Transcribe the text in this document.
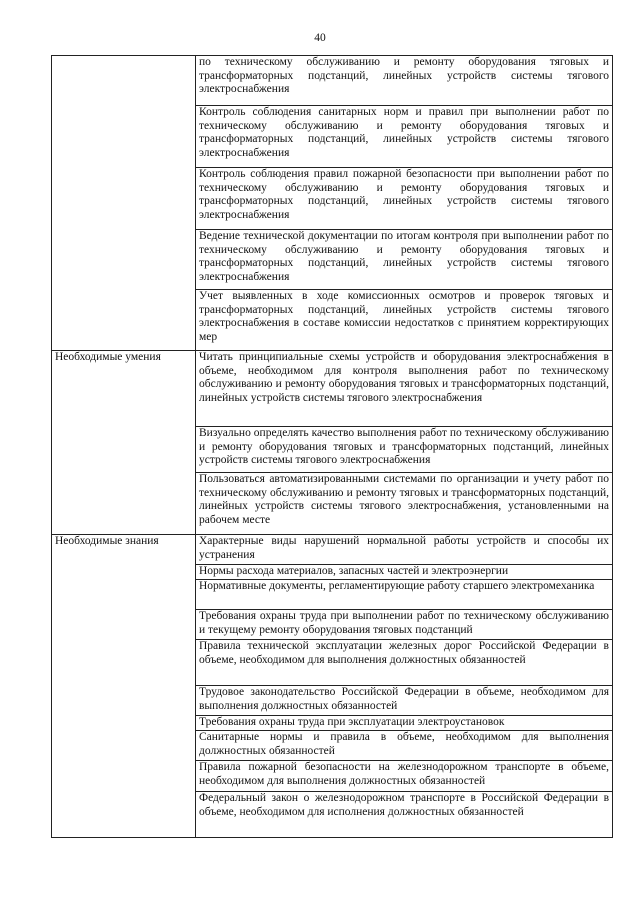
40
	по техническому обслуживанию и ремонту оборудования тяговых и трансформаторных подстанций, линейных устройств системы тягового электроснабжения
	Контроль соблюдения санитарных норм и правил при выполнении работ по техническому обслуживанию и ремонту оборудования тяговых и трансформаторных подстанций, линейных устройств системы тягового электроснабжения
	Контроль соблюдения правил пожарной безопасности при выполнении работ по техническому обслуживанию и ремонту оборудования тяговых и трансформаторных подстанций, линейных устройств системы тягового электроснабжения
	Ведение технической документации по итогам контроля при выполнении работ по техническому обслуживанию и ремонту оборудования тяговых и трансформаторных подстанций, линейных устройств системы тягового электроснабжения
	Учет выявленных в ходе комиссионных осмотров и проверок тяговых и трансформаторных подстанций, линейных устройств системы тягового электроснабжения в составе комиссии недостатков с принятием корректирующих мер
Необходимые умения	Читать принципиальные схемы устройств и оборудования электроснабжения в объеме, необходимом для контроля выполнения работ по техническому обслуживанию и ремонту оборудования тяговых и трансформаторных подстанций, линейных устройств системы тягового электроснабжения
	Визуально определять качество выполнения работ по техническому обслуживанию и ремонту оборудования тяговых и трансформаторных подстанций, линейных устройств системы тягового электроснабжения
	Пользоваться автоматизированными системами по организации и учету работ по техническому обслуживанию и ремонту тяговых и трансформаторных подстанций, линейных устройств системы тягового электроснабжения, установленными на рабочем месте
Необходимые знания	Характерные виды нарушений нормальной работы устройств и способы их устранения
	Нормы расхода материалов, запасных частей и электроэнергии
	Нормативные документы, регламентирующие работу старшего электромеханика
	Требования охраны труда при выполнении работ по техническому обслуживанию и текущему ремонту оборудования тяговых подстанций
	Правила технической эксплуатации железных дорог Российской Федерации в объеме, необходимом для выполнения должностных обязанностей
	Трудовое законодательство Российской Федерации в объеме, необходимом для выполнения должностных обязанностей
	Требования охраны труда при эксплуатации электроустановок
	Санитарные нормы и правила в объеме, необходимом для выполнения должностных обязанностей
	Правила пожарной безопасности на железнодорожном транспорте в объеме, необходимом для выполнения должностных обязанностей
	Федеральный закон о железнодорожном транспорте в Российской Федерации в объеме, необходимом для исполнения должностных обязанностей
